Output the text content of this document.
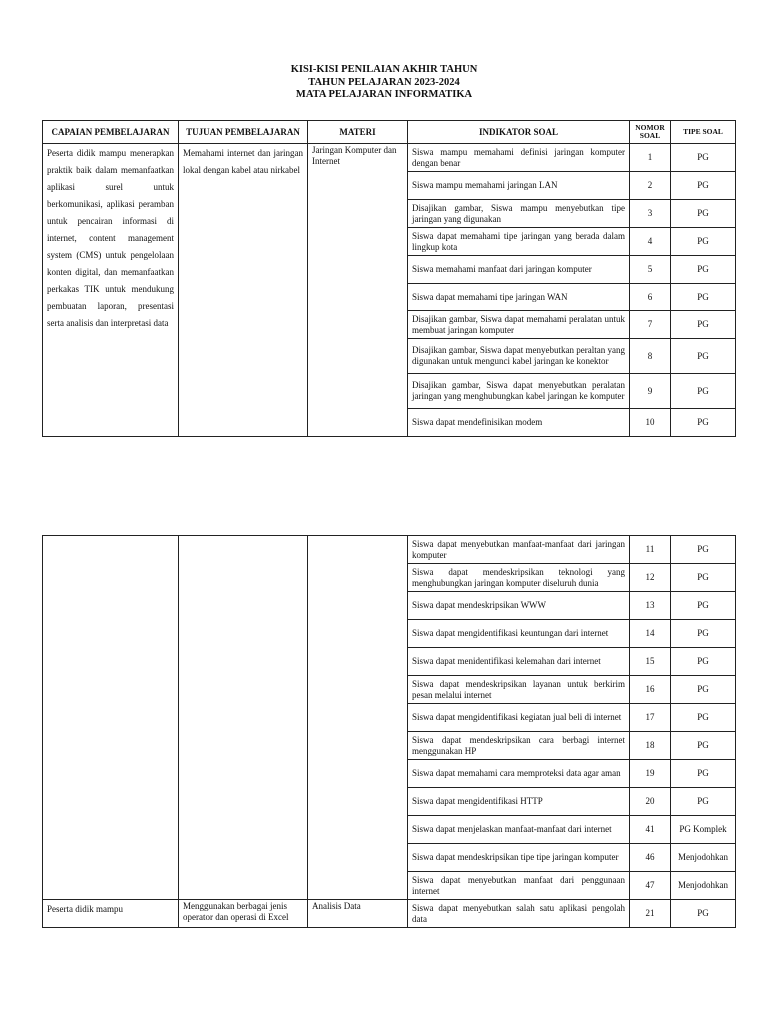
KISI-KISI PENILAIAN AKHIR TAHUN
TAHUN PELAJARAN 2023-2024
MATA PELAJARAN INFORMATIKA
CAPAIAN PEMBELAJARAN	TUJUAN PEMBELAJARAN	MATERI	INDIKATOR SOAL	NOMOR SOAL	TIPE SOAL
Peserta didik mampu menerapkan praktik baik dalam memanfaatkan aplikasi surel untuk berkomunikasi, aplikasi peramban untuk pencairan informasi di internet, content management system (CMS) untuk pengelolaan konten digital, dan memanfaatkan perkakas TIK untuk mendukung pembuatan laporan, presentasi serta analisis dan interpretasi data	Memahami internet dan jaringan lokal dengan kabel atau nirkabel	Jaringan Komputer dan Internet	Siswa mampu memahami definisi jaringan komputer dengan benar	1	PG
			Siswa mampu memahami jaringan LAN	2	PG
			Disajikan gambar, Siswa mampu menyebutkan tipe jaringan yang digunakan	3	PG
			Siswa dapat memahami tipe jaringan yang berada dalam lingkup kota	4	PG
			Siswa memahami manfaat dari jaringan komputer	5	PG
			Siswa dapat memahami tipe jaringan WAN	6	PG
			Disajikan gambar, Siswa dapat memahami peralatan untuk membuat jaringan komputer	7	PG
			Disajikan gambar, Siswa dapat menyebutkan peraltan yang digunakan untuk mengunci kabel jaringan ke konektor	8	PG
			Disajikan gambar, Siswa dapat menyebutkan peralatan jaringan yang menghubungkan kabel jaringan ke komputer	9	PG
			Siswa dapat mendefinisikan modem	10	PG
			Siswa dapat menyebutkan manfaat-manfaat dari jaringan komputer	11	PG
			Siswa dapat mendeskripsikan teknologi yang menghubungkan jaringan komputer diseluruh dunia	12	PG
			Siswa dapat mendeskripsikan WWW	13	PG
			Siswa dapat mengidentifikasi keuntungan dari internet	14	PG
			Siswa dapat menidentifikasi kelemahan dari internet	15	PG
			Siswa dapat mendeskripsikan layanan untuk berkirim pesan melalui internet	16	PG
			Siswa dapat mengidentifikasi kegiatan jual beli di internet	17	PG
			Siswa dapat mendeskripsikan cara berbagi internet menggunakan HP	18	PG
			Siswa dapat memahami cara memproteksi data agar aman	19	PG
			Siswa dapat mengidentifikasi HTTP	20	PG
			Siswa dapat menjelaskan manfaat-manfaat dari internet	41	PG Komplek
			Siswa dapat mendeskripsikan tipe tipe jaringan komputer	46	Menjodohkan
			Siswa dapat menyebutkan manfaat dari penggunaan internet	47	Menjodohkan
Peserta didik mampu	Menggunakan berbagai jenis operator dan operasi di Excel	Analisis Data	Siswa dapat menyebutkan salah satu aplikasi pengolah data	21	PG
